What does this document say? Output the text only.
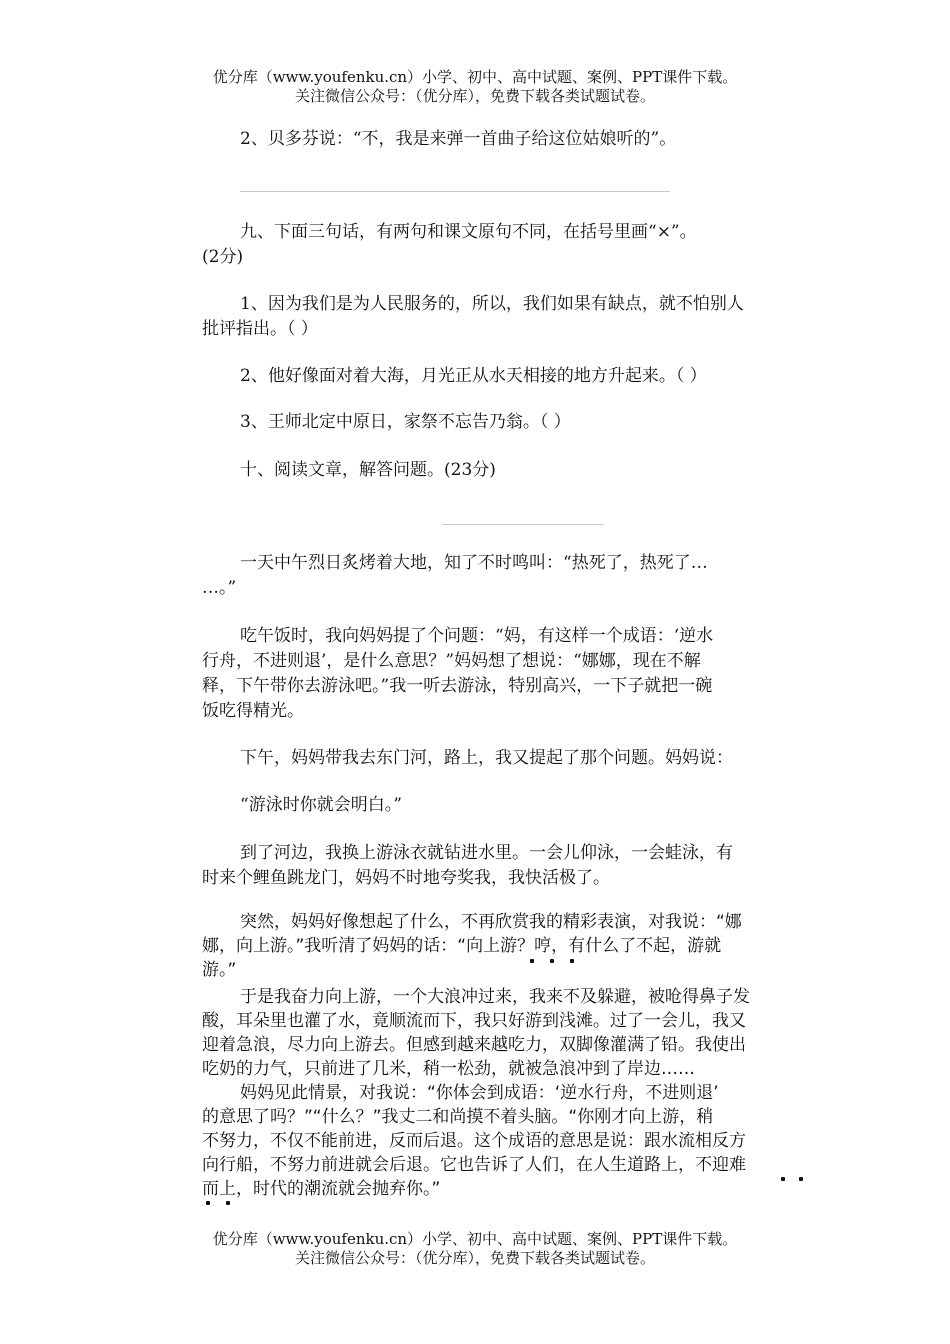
优分库（www.youfenku.cn）小学、初中、高中试题、案例、PPT课件下载。
关注微信公众号：（优分库），免费下载各类试题试卷。
2、贝多芬说：“不，我是来弹一首曲子给这位姑娘听的”。
九、下面三句话，有两句和课文原句不同，在括号里画“×”。
(2分)
1、因为我们是为人民服务的，所以，我们如果有缺点，就不怕别人
批评指出。（ ）
2、他好像面对着大海，月光正从水天相接的地方升起来。（ ）
3、王师北定中原日，家祭不忘告乃翁。（ ）
十、阅读文章，解答问题。(23分)
一天中午烈日炙烤着大地，知了不时鸣叫：“热死了，热死了…
…。”
吃午饭时，我向妈妈提了个问题：“妈，有这样一个成语：‘逆水
行舟，不进则退’，是什么意思？”妈妈想了想说：“娜娜，现在不解
释，下午带你去游泳吧。”我一听去游泳，特别高兴，一下子就把一碗
饭吃得精光。
下午，妈妈带我去东门河，路上，我又提起了那个问题。妈妈说：
“游泳时你就会明白。”
到了河边，我换上游泳衣就钻进水里。一会儿仰泳，一会蛙泳，有
时来个鲤鱼跳龙门，妈妈不时地夸奖我，我快活极了。
突然，妈妈好像想起了什么，不再欣赏我的精彩表演，对我说：“娜
娜，向上游。”我听清了妈妈的话：“向上游？哼，有什么了不起，游就
游。”
于是我奋力向上游，一个大浪冲过来，我来不及躲避，被呛得鼻子发
酸，耳朵里也灌了水，竟顺流而下，我只好游到浅滩。过了一会儿，我又
迎着急浪，尽力向上游去。但感到越来越吃力，双脚像灌满了铅。我使出
吃奶的力气，只前进了几米，稍一松劲，就被急浪冲到了岸边……
妈妈见此情景，对我说：“你体会到成语：‘逆水行舟，不进则退’
的意思了吗？”“什么？”我丈二和尚摸不着头脑。“你刚才向上游，稍
不努力，不仅不能前进，反而后退。这个成语的意思是说：跟水流相反方
向行船，不努力前进就会后退。它也告诉了人们，在人生道路上，不迎难
而上，时代的潮流就会抛弃你。”
优分库（www.youfenku.cn）小学、初中、高中试题、案例、PPT课件下载。
关注微信公众号：（优分库），免费下载各类试题试卷。
